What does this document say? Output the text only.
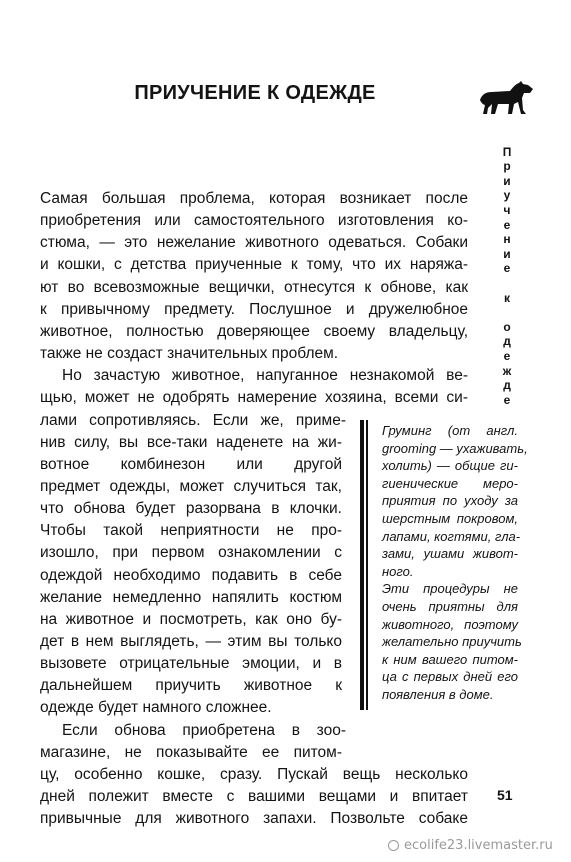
ПРИУЧЕНИЕ К ОДЕЖДЕ

П
р
и
у
ч
е
н
и
е

к

о
д
е
ж
д
е

Самая большая проблема, которая возникает после

приобретения или самостоятельного изготовления ко-

стюма, — это нежелание животного одеваться. Собаки

и кошки, с детства приученные к тому, что их наряжа-

ют во всевозможные вещички, отнесутся к обнове, как

к привычному предмету. Послушное и дружелюбное

животное, полностью доверяющее своему владельцу,

также не создаст значительных проблем.

Но зачастую животное, напуганное незнакомой ве-

щью, может не одобрять намерение хозяина, всеми си-

лами сопротивляясь. Если же, приме-

нив силу, вы все-таки наденете на жи-

вотное комбинезон или другой

предмет одежды, может случиться так,

что обнова будет разорвана в клочки.

Чтобы такой неприятности не про-

изошло, при первом ознакомлении с

одеждой необходимо подавить в себе

желание немедленно напялить костюм

на животное и посмотреть, как оно бу-

дет в нем выглядеть, — этим вы только

вызовете отрицательные эмоции, и в

дальнейшем приучить животное к

одежде будет намного сложнее.

Если обнова приобретена в зоо-

магазине, не показывайте ее питом-

цу, особенно кошке, сразу. Пускай вещь несколько

дней полежит вместе с вашими вещами и впитает

привычные для животного запахи. Позвольте собаке

Груминг (от англ.

grooming — ухаживать,

холить) — общие ги-

гиенические меро-

приятия по уходу за

шерстным покровом,

лапами, когтями, гла-

зами, ушами живот-

ного.

Эти процедуры не

очень приятны для

животного, поэтому

желательно приучить

к ним вашего питом-

ца с первых дней его

появления в доме.

51
ecolife23.livemaster.ru
